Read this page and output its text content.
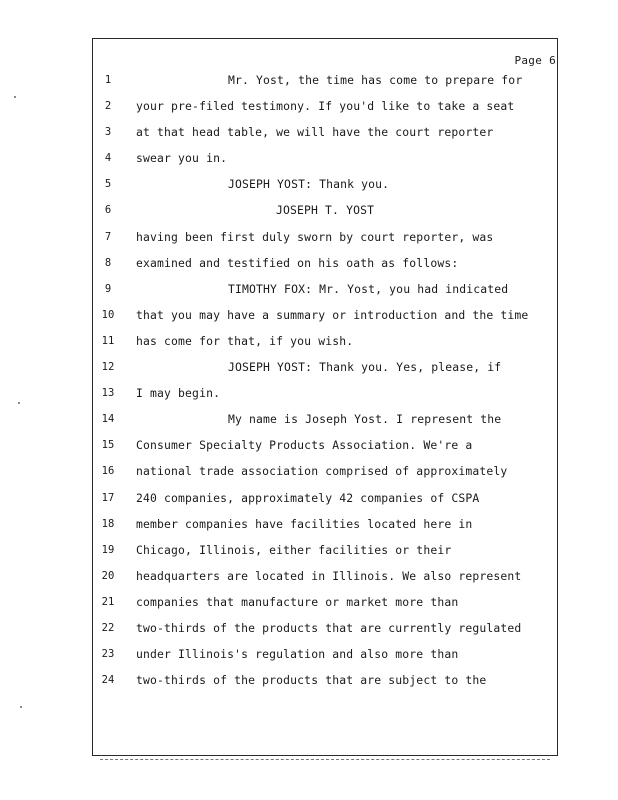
Page 6
1
2
3
4
5
6
7
8
9
10
11
12
13
14
15
16
17
18
19
20
21
22
23
24
Mr. Yost, the time has come to prepare for
your pre-filed testimony. If you'd like to take a seat
at that head table, we will have the court reporter
swear you in.
JOSEPH YOST: Thank you.
JOSEPH T. YOST
having been first duly sworn by court reporter, was
examined and testified on his oath as follows:
TIMOTHY FOX: Mr. Yost, you had indicated
that you may have a summary or introduction and the time
has come for that, if you wish.
JOSEPH YOST: Thank you. Yes, please, if
I may begin.
My name is Joseph Yost. I represent the
Consumer Specialty Products Association. We're a
national trade association comprised of approximately
240 companies, approximately 42 companies of CSPA
member companies have facilities located here in
Chicago, Illinois, either facilities or their
headquarters are located in Illinois. We also represent
companies that manufacture or market more than
two-thirds of the products that are currently regulated
under Illinois's regulation and also more than
two-thirds of the products that are subject to the
